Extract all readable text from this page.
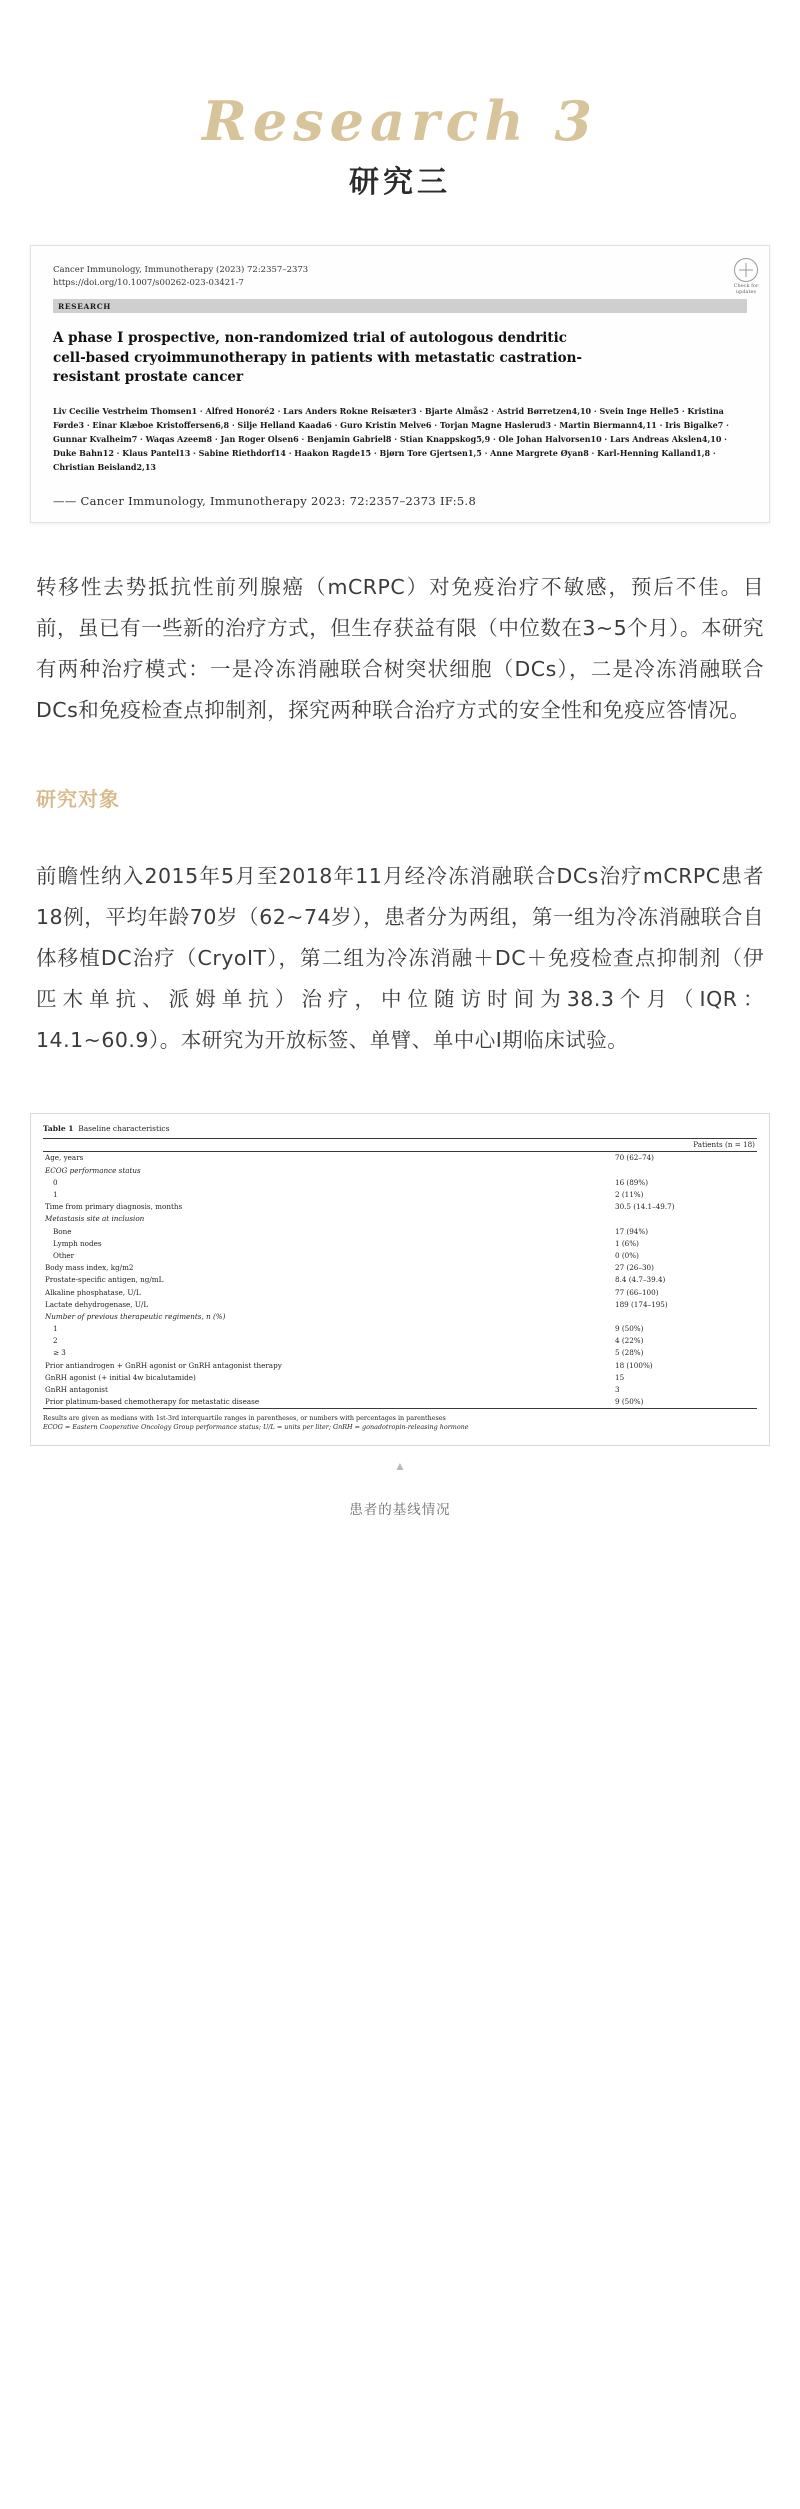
Research 3
研究三
Cancer Immunology, Immunotherapy (2023) 72:2357–2373
https://doi.org/10.1007/s00262-023-03421-7
RESEARCH
Check for updates
A phase I prospective, non-randomized trial of autologous dendritic cell-based cryoimmunotherapy in patients with metastatic castration-resistant prostate cancer
Liv Cecilie Vestrheim Thomsen1 · Alfred Honoré2 · Lars Anders Rokne Reisæter3 · Bjarte Almås2 · Astrid Børretzen4,10 · Svein Inge Helle5 · Kristina Førde3 · Einar Klæboe Kristoffersen6,8 · Silje Helland Kaada6 · Guro Kristin Melve6 · Torjan Magne Haslerud3 · Martin Biermann4,11 · Iris Bigalke7 · Gunnar Kvalheim7 · Waqas Azeem8 · Jan Roger Olsen6 · Benjamin Gabriel8 · Stian Knappskog5,9 · Ole Johan Halvorsen10 · Lars Andreas Akslen4,10 · Duke Bahn12 · Klaus Pantel13 · Sabine Riethdorf14 · Haakon Ragde15 · Bjørn Tore Gjertsen1,5 · Anne Margrete Øyan8 · Karl-Henning Kalland1,8 · Christian Beisland2,13
—— Cancer Immunology, Immunotherapy 2023: 72:2357–2373 IF:5.8

转移性去势抵抗性前列腺癌（mCRPC）对免疫治疗不敏感，预后不佳。目前，虽已有一些新的治疗方式，但生存获益有限（中位数在3~5个月）。本研究有两种治疗模式：一是冷冻消融联合树突状细胞（DCs），二是冷冻消融联合DCs和免疫检查点抑制剂，探究两种联合治疗方式的安全性和免疫应答情况。

研究对象

前瞻性纳入2015年5月至2018年11月经冷冻消融联合DCs治疗mCRPC患者18例，平均年龄70岁（62~74岁），患者分为两组，第一组为冷冻消融联合自体移植DC治疗（CryoIT），第二组为冷冻消融＋DC＋免疫检查点抑制剂（伊匹木单抗、派姆单抗）治疗，中位随访时间为38.3个月（IQR：14.1~60.9）。本研究为开放标签、单臂、单中心I期临床试验。

Table 1 Baseline characteristics
	Patients (n = 18)
Age, years	70 (62–74)
ECOG performance status	
0	16 (89%)
1	2 (11%)
Time from primary diagnosis, months	30.5 (14.1–49.7)
Metastasis site at inclusion	
Bone	17 (94%)
Lymph nodes	1 (6%)
Other	0 (0%)
Body mass index, kg/m2	27 (26–30)
Prostate-specific antigen, ng/mL	8.4 (4.7–39.4)
Alkaline phosphatase, U/L	77 (66–100)
Lactate dehydrogenase, U/L	189 (174–195)
Number of previous therapeutic regiments, n (%)	
1	9 (50%)
2	4 (22%)
≥ 3	5 (28%)
Prior antiandrogen + GnRH agonist or GnRH antagonist therapy	18 (100%)
GnRH agonist (+ initial 4w bicalutamide)	15
GnRH antagonist	3
Prior platinum-based chemotherapy for metastatic disease	9 (50%)
Results are given as medians with 1st-3rd interquartile ranges in parentheses, or numbers with percentages in parentheses
ECOG = Eastern Cooperative Oncology Group performance status; U/L = units per liter; GnRH = gonadotropin-releasing hormone
▲
患者的基线情况
